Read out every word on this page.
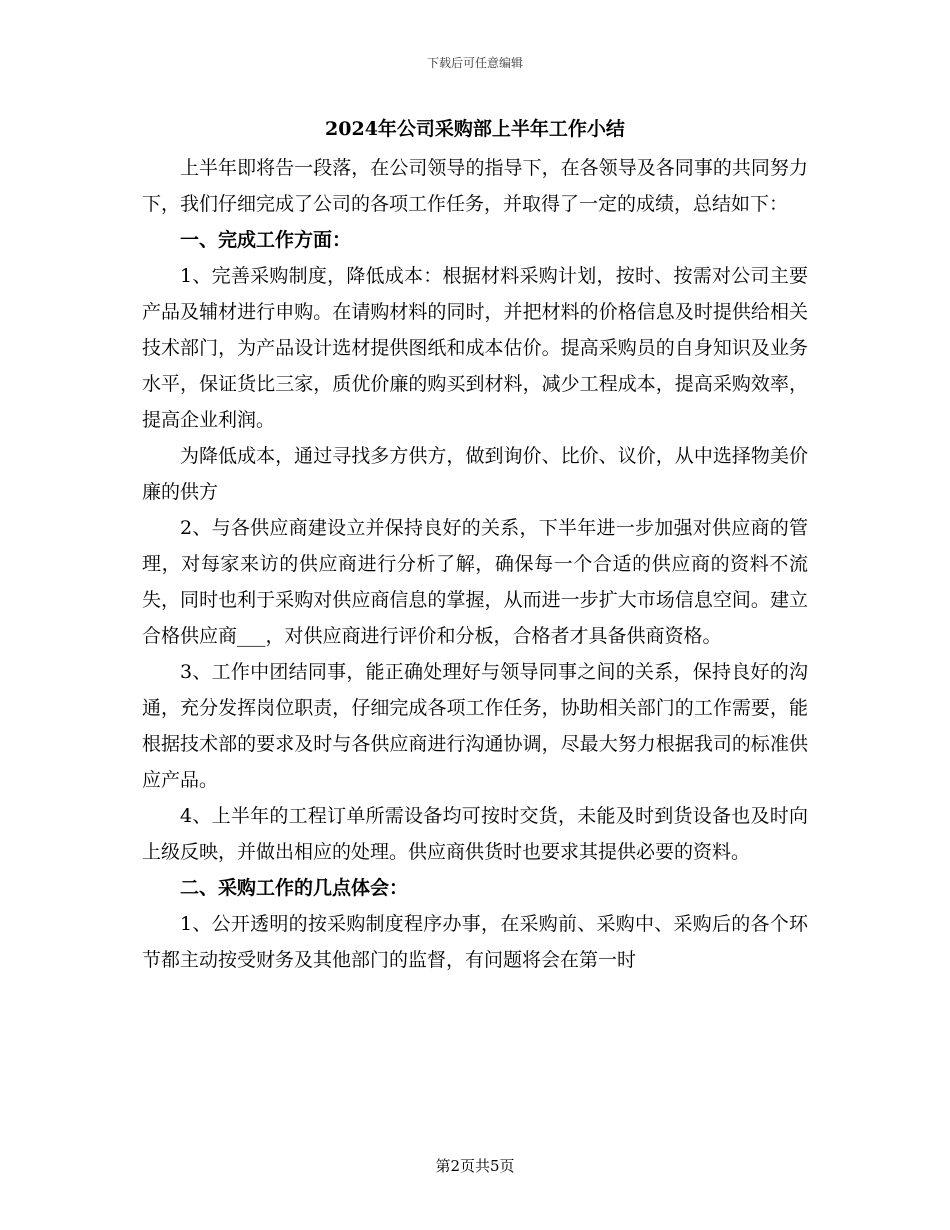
下载后可任意编辑
2024年公司采购部上半年工作小结

上半年即将告一段落，在公司领导的指导下，在各领导及各同事的共同努力下，我们仔细完成了公司的各项工作任务，并取得了一定的成绩，总结如下：

一、完成工作方面：

1、完善采购制度，降低成本：根据材料采购计划，按时、按需对公司主要产品及辅材进行申购。在请购材料的同时，并把材料的价格信息及时提供给相关技术部门，为产品设计选材提供图纸和成本估价。提高采购员的自身知识及业务水平，保证货比三家，质优价廉的购买到材料，减少工程成本，提高采购效率，提高企业利润。

为降低成本，通过寻找多方供方，做到询价、比价、议价，从中选择物美价廉的供方

2、与各供应商建设立并保持良好的关系，下半年进一步加强对供应商的管理，对每家来访的供应商进行分析了解，确保每一个合适的供应商的资料不流失，同时也利于采购对供应商信息的掌握，从而进一步扩大市场信息空间。建立合格供应商___，对供应商进行评价和分板，合格者才具备供商资格。

3、工作中团结同事，能正确处理好与领导同事之间的关系，保持良好的沟通，充分发挥岗位职责，仔细完成各项工作任务，协助相关部门的工作需要，能根据技术部的要求及时与各供应商进行沟通协调，尽最大努力根据我司的标准供应产品。

4、上半年的工程订单所需设备均可按时交货，未能及时到货设备也及时向上级反映，并做出相应的处理。供应商供货时也要求其提供必要的资料。

二、采购工作的几点体会：

1、公开透明的按采购制度程序办事，在采购前、采购中、采购后的各个环节都主动按受财务及其他部门的监督，有问题将会在第一时

第2页共5页
